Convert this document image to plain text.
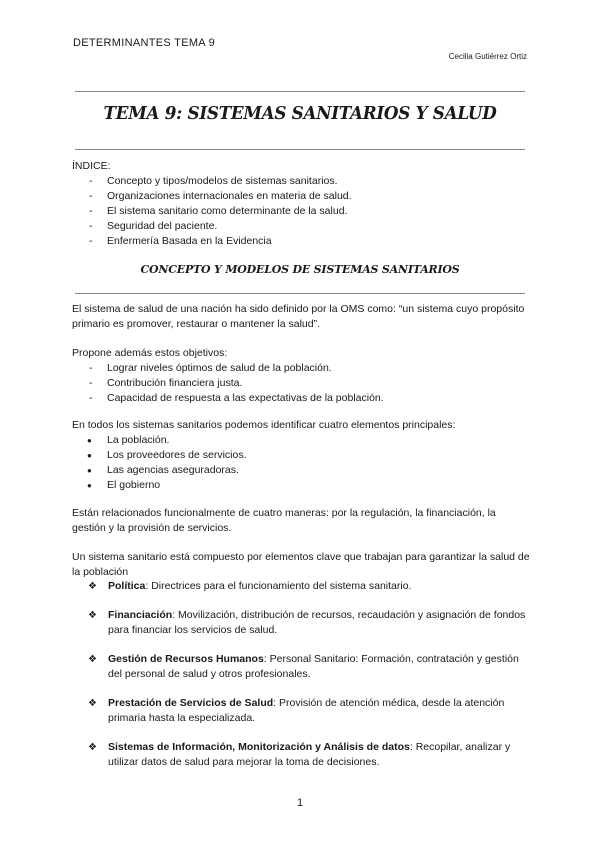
DETERMINANTES TEMA 9
Cecilia Gutiérrez Ortiz
TEMA 9: SISTEMAS SANITARIOS Y SALUD
ÍNDICE:
- Concepto y tipos/modelos de sistemas sanitarios.
- Organizaciones internacionales en materia de salud.
- El sistema sanitario como determinante de la salud.
- Seguridad del paciente.
- Enfermería Basada en la Evidencia
CONCEPTO Y MODELOS DE SISTEMAS SANITARIOS
El sistema de salud de una nación ha sido definido por la OMS como: “un sistema cuyo propósito primario es promover, restaurar o mantener la salud”.
Propone además estos objetivos:
- Lograr niveles óptimos de salud de la población.
- Contribución financiera justa.
- Capacidad de respuesta a las expectativas de la población.
En todos los sistemas sanitarios podemos identificar cuatro elementos principales:
● La población.
● Los proveedores de servicios.
● Las agencias aseguradoras.
● El gobierno
Están relacionados funcionalmente de cuatro maneras: por la regulación, la financiación, la gestión y la provisión de servicios.
Un sistema sanitario está compuesto por elementos clave que trabajan para garantizar la salud de la población
❖ Política: Directrices para el funcionamiento del sistema sanitario.
❖ Financiación: Movilización, distribución de recursos, recaudación y asignación de fondos para financiar los servicios de salud.
❖ Gestión de Recursos Humanos: Personal Sanitario: Formación, contratación y gestión del personal de salud y otros profesionales.
❖ Prestación de Servicios de Salud: Provisión de atención médica, desde la atención primaria hasta la especializada.
❖ Sistemas de Información, Monitorización y Análisis de datos: Recopilar, analizar y utilizar datos de salud para mejorar la toma de decisiones.
1
